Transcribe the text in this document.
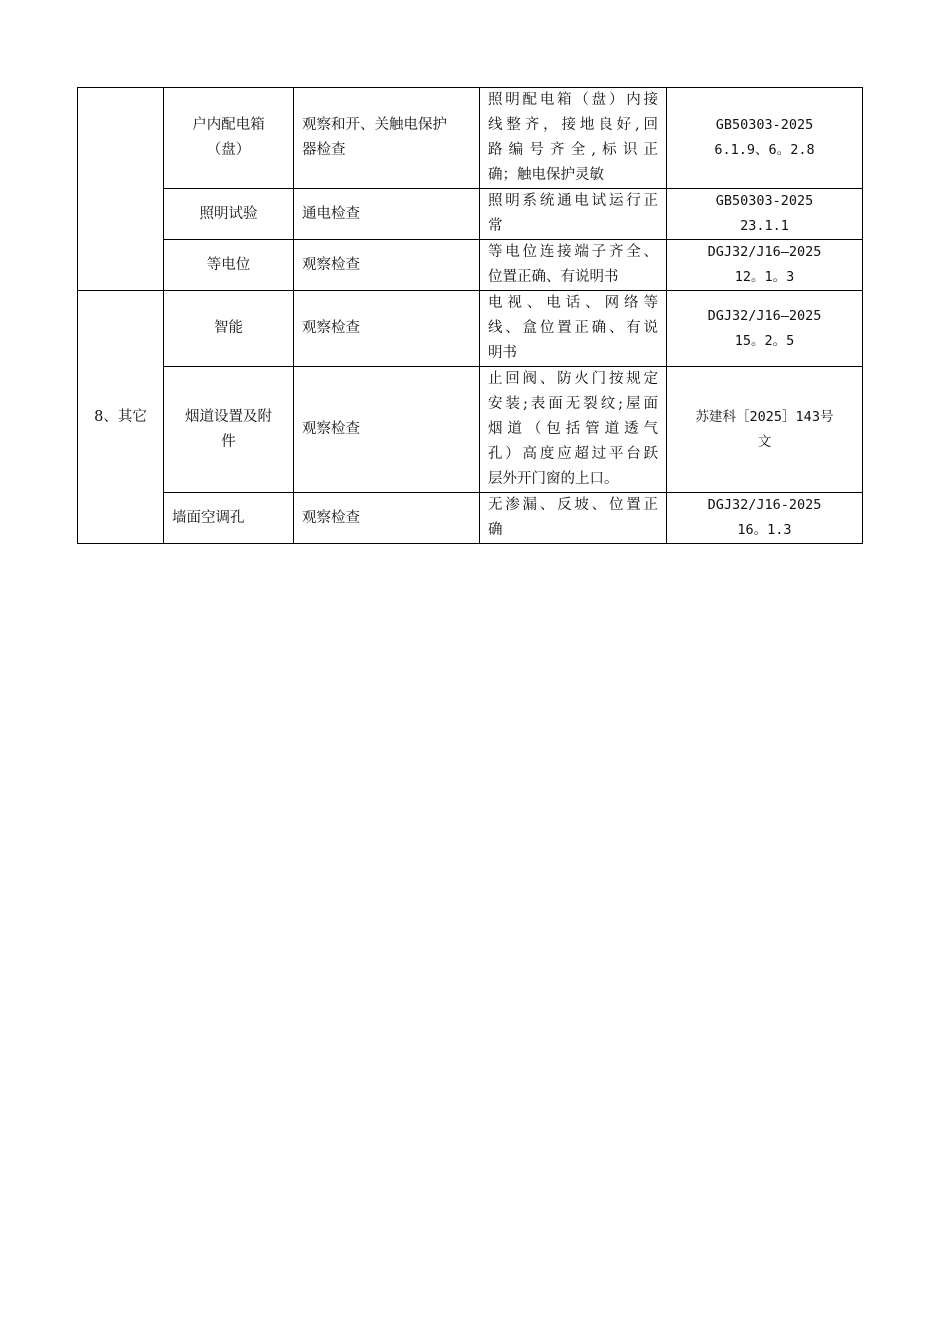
	户内配电箱
（盘）	观察和开、关触电保护
器检查	照明配电箱（盘）内接
线整齐，接地良好,回
路编号齐全,标识正
确；触电保护灵敏	GB50303-2025
6.1.9、6。2.8

	照明试验	通电检查	照明系统通电试运行正
常	GB50303-2025
23.1.1

	等电位	观察检查	等电位连接端子齐全、
位置正确、有说明书	DGJ32/J16—2025
12。1。3

8、其它	智能	观察检查	电视、电话、网络等
线、盒位置正确、有说
明书	DGJ32/J16—2025
15。2。5

	烟道设置及附
件	观察检查	止回阀、防火门按规定
安装;表面无裂纹;屋面
烟道（包括管道透气
孔）高度应超过平台跃
层外开门窗的上口。	苏建科［2025］143号
文

	墙面空调孔	观察检查	无渗漏、反坡、位置正
确	DGJ32/J16-2025
16。1.3
